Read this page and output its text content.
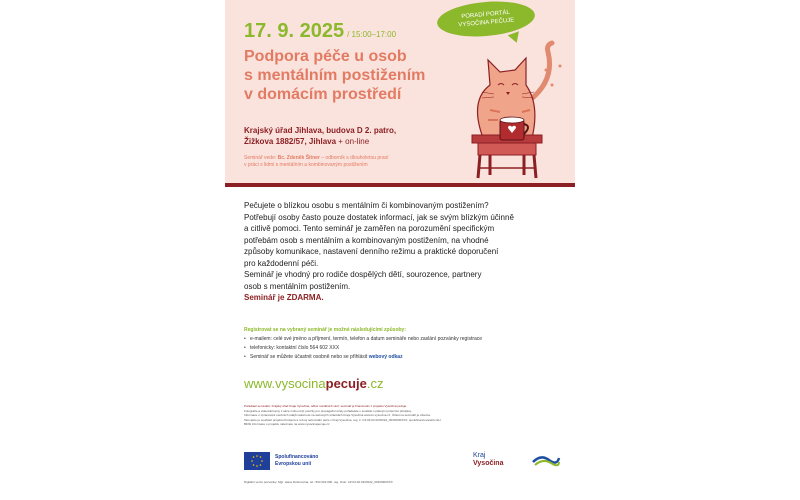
17. 9. 2025 / 15:00–17:00
Podpora péče u osob
s mentálním postižením
v domácím prostředí
Krajský úřad Jihlava, budova D 2. patro,
Žižkova 1882/57, Jihlava + on-line
Seminář vede: Bc. Zdeněk Šitner – odborník s dlouholetou praxí
v práci s lidmi s mentálním a kombinovaným postižením
PORADÍ PORTÁL
VYSOČINA PEČUJE
Pečujete o blízkou osobu s mentálním či kombinovaným postižením?
Potřebují osoby často pouze dostatek informací, jak se svým blízkým účinně
a citlivě pomoci. Tento seminář je zaměřen na porozumění specifickým
potřebám osob s mentálním a kombinovaným postižením, na vhodné
způsoby komunikace, nastavení denního režimu a praktické doporučení
pro každodenní péči.
Seminář je vhodný pro rodiče dospělých dětí, sourozence, partnery
osob s mentálním postižením.
Seminář je ZDARMA.
Registrovat se na vybraný seminář je možné následujícími způsoby:
• e-mailem: celé své jméno a příjmení, termín, telefon a datum semináře nebo zaslání pozvánky registrace
• telefonicky: kontaktní číslo 564 602 XXX
• Seminář se můžete účastnit osobně nebo se přihlásit webový odkaz
www.vysocinapecuje.cz
Pořadatel semináře: Krajský úřad Kraje Vysočina, odbor sociálních věcí; seminář je financován z projektu Vysočina pečuje.
Fotografie a videozáznamy z akce mohou být použity pro propagační účely pořadatele v souladu s platnými právními předpisy.
Informace o zpracování osobních údajů naleznete na webových stránkách Kraje Vysočina www.kr-vysocina.cz. Účast na semináři je zdarma.
Tato akce je součástí projektu Podpora a rozvoj neformální péče v Kraji Vysočina, reg. č. CZ.03.02.02/00/22_003/0000XXX, spolufinancovaného EU.
Bližší informace o projektu naleznete na www.vysocinapecuje.cz.
Spolufinancováno
Evropskou unií
Kraj
Vysočina
Digitální verze pozvánky: Mgr. Hana Dobrovolná, tel.: 564 602 000, reg. číslo: CZ.03.02.02/00/22_003/0000XXX
